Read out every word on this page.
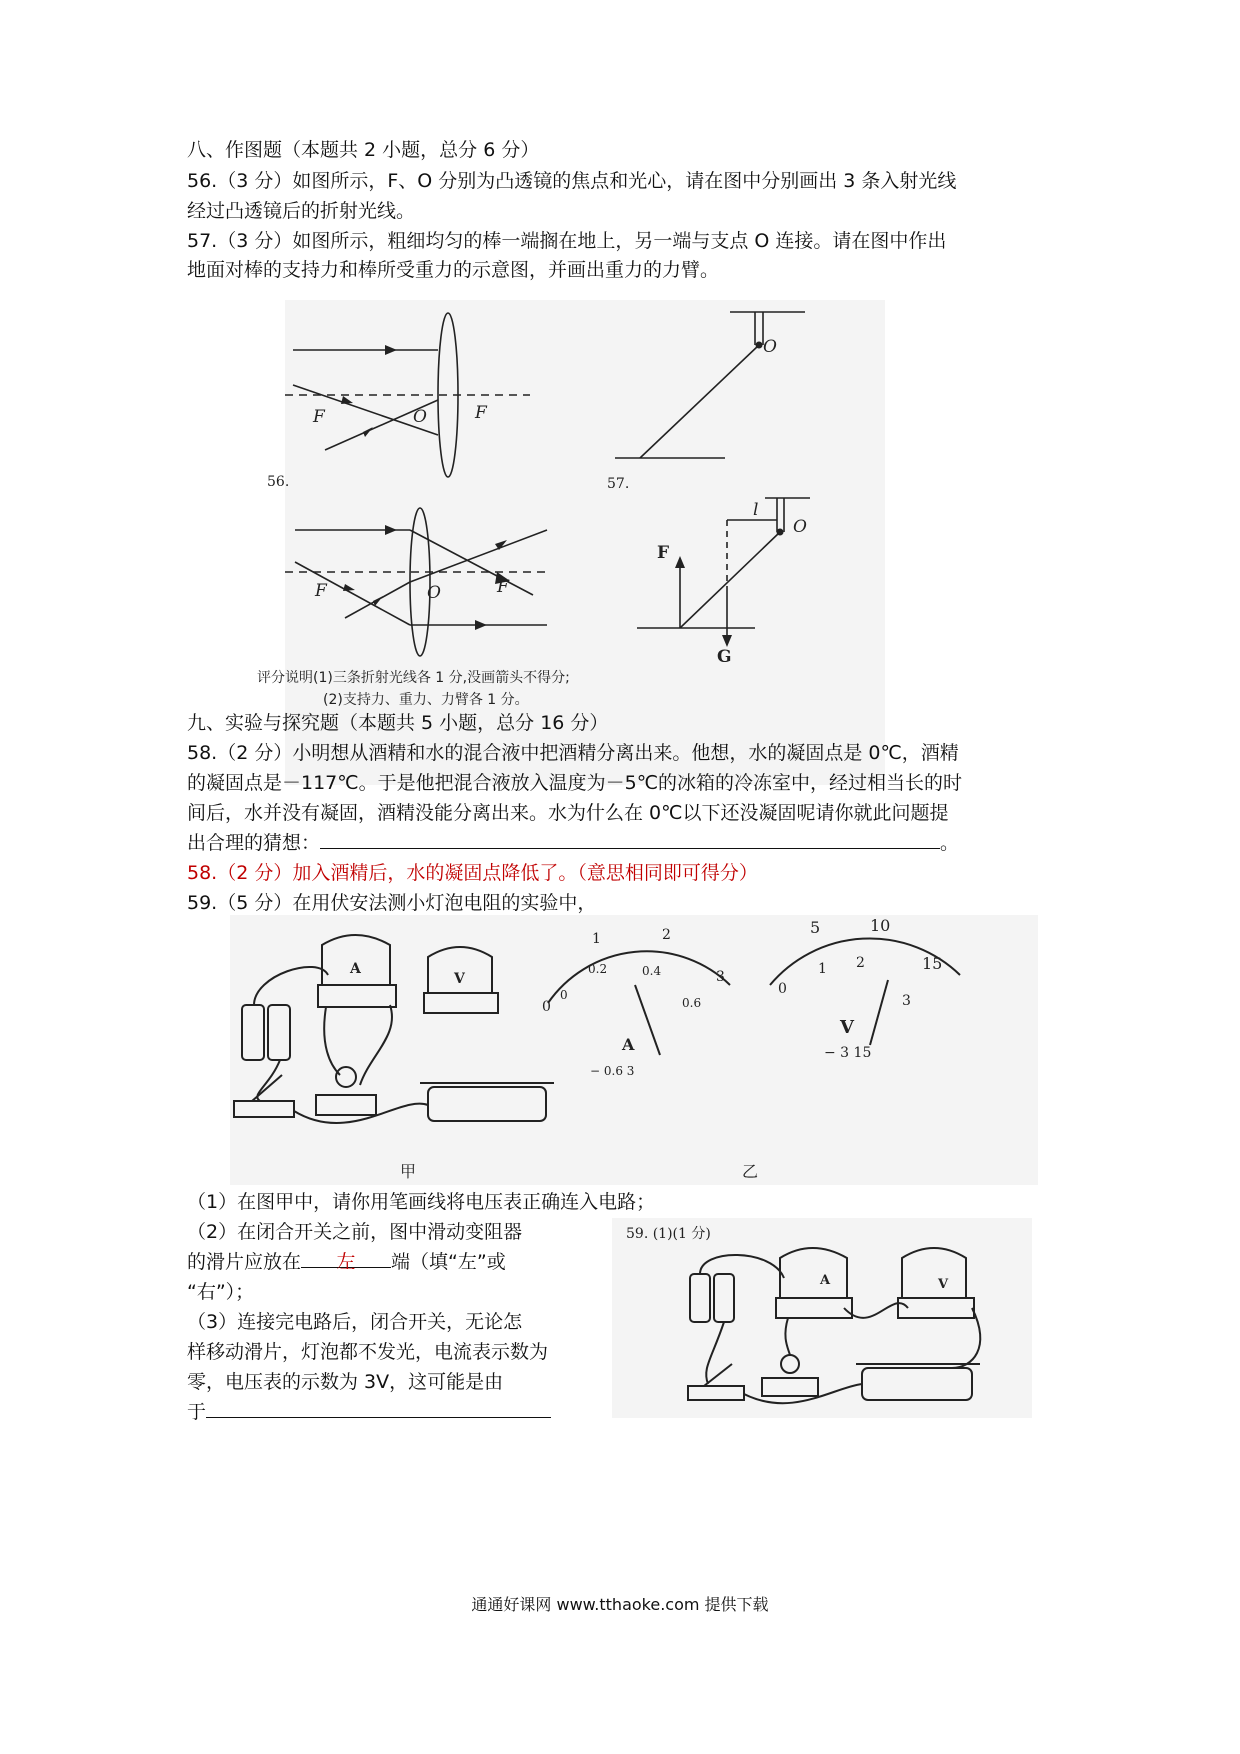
八、作图题（本题共 2 小题，总分 6 分）
56.（3 分）如图所示，F、O 分别为凸透镜的焦点和光心，请在图中分别画出 3 条入射光线
经过凸透镜后的折射光线。
57.（3 分）如图所示，粗细均匀的棒一端搁在地上，另一端与支点 O 连接。请在图中作出
地面对棒的支持力和棒所受重力的示意图，并画出重力的力臂。
F	O	F
O
F	O	F
F
l
O
G
56.	57.
评分说明(1)三条折射光线各 1 分,没画箭头不得分;
(2)支持力、重力、力臂各 1 分。
九、实验与探究题（本题共 5 小题，总分 16 分）
58.（2 分）小明想从酒精和水的混合液中把酒精分离出来。他想，水的凝固点是 0℃，酒精
的凝固点是－117℃。于是他把混合液放入温度为－5℃的冰箱的冷冻室中，经过相当长的时
间后，水并没有凝固，酒精没能分离出来。水为什么在 0℃以下还没凝固呢请你就此问题提
出合理的猜想：	。
58.（2 分）加入酒精后，水的凝固点降低了。（意思相同即可得分）
59.（5 分）在用伏安法测小灯泡电阻的实验中，
A
V
甲	乙
0
1	2
3
0
0.2	0.4
0.6
A
− 0.6 3
5	10
0
1 2
3
15
V
− 3 15
（1）在图甲中，请你用笔画线将电压表正确连入电路；
（2）在闭合开关之前，图中滑动变阻器
的滑片应放在 左 端（填“左”或
“右”）；
（3）连接完电路后，闭合开关，无论怎
样移动滑片，灯泡都不发光，电流表示数为
零，电压表的示数为 3V，这可能是由
于
59. (1)(1 分)
A	V
通通好课网 www.tthaoke.com 提供下载
